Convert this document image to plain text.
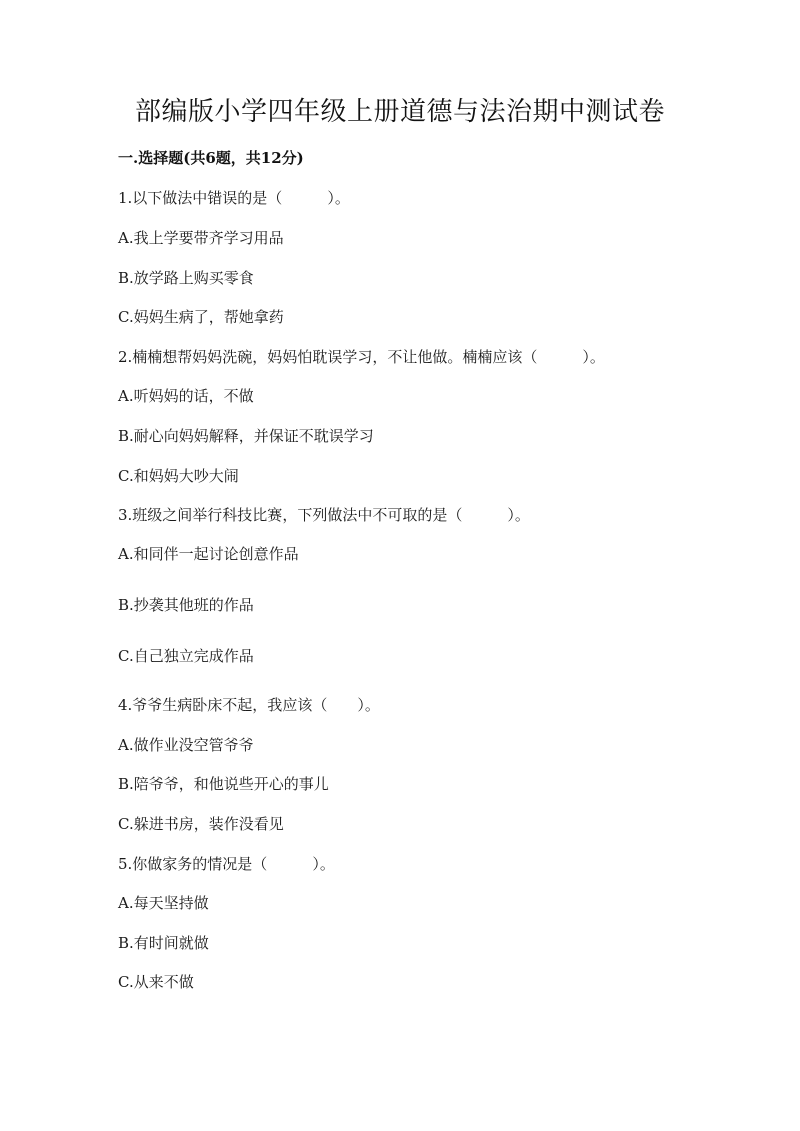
部编版小学四年级上册道德与法治期中测试卷
一.选择题(共6题，共12分)
1.以下做法中错误的是（　　　）。
A.我上学要带齐学习用品
B.放学路上购买零食
C.妈妈生病了，帮她拿药
2.楠楠想帮妈妈洗碗，妈妈怕耽误学习，不让他做。楠楠应该（　　　）。
A.听妈妈的话，不做
B.耐心向妈妈解释，并保证不耽误学习
C.和妈妈大吵大闹
3.班级之间举行科技比赛，下列做法中不可取的是（　　　）。
A.和同伴一起讨论创意作品
B.抄袭其他班的作品
C.自己独立完成作品
4.爷爷生病卧床不起，我应该（　　）。
A.做作业没空管爷爷
B.陪爷爷，和他说些开心的事儿
C.躲进书房，装作没看见
5.你做家务的情况是（　　　）。
A.每天坚持做
B.有时间就做
C.从来不做
